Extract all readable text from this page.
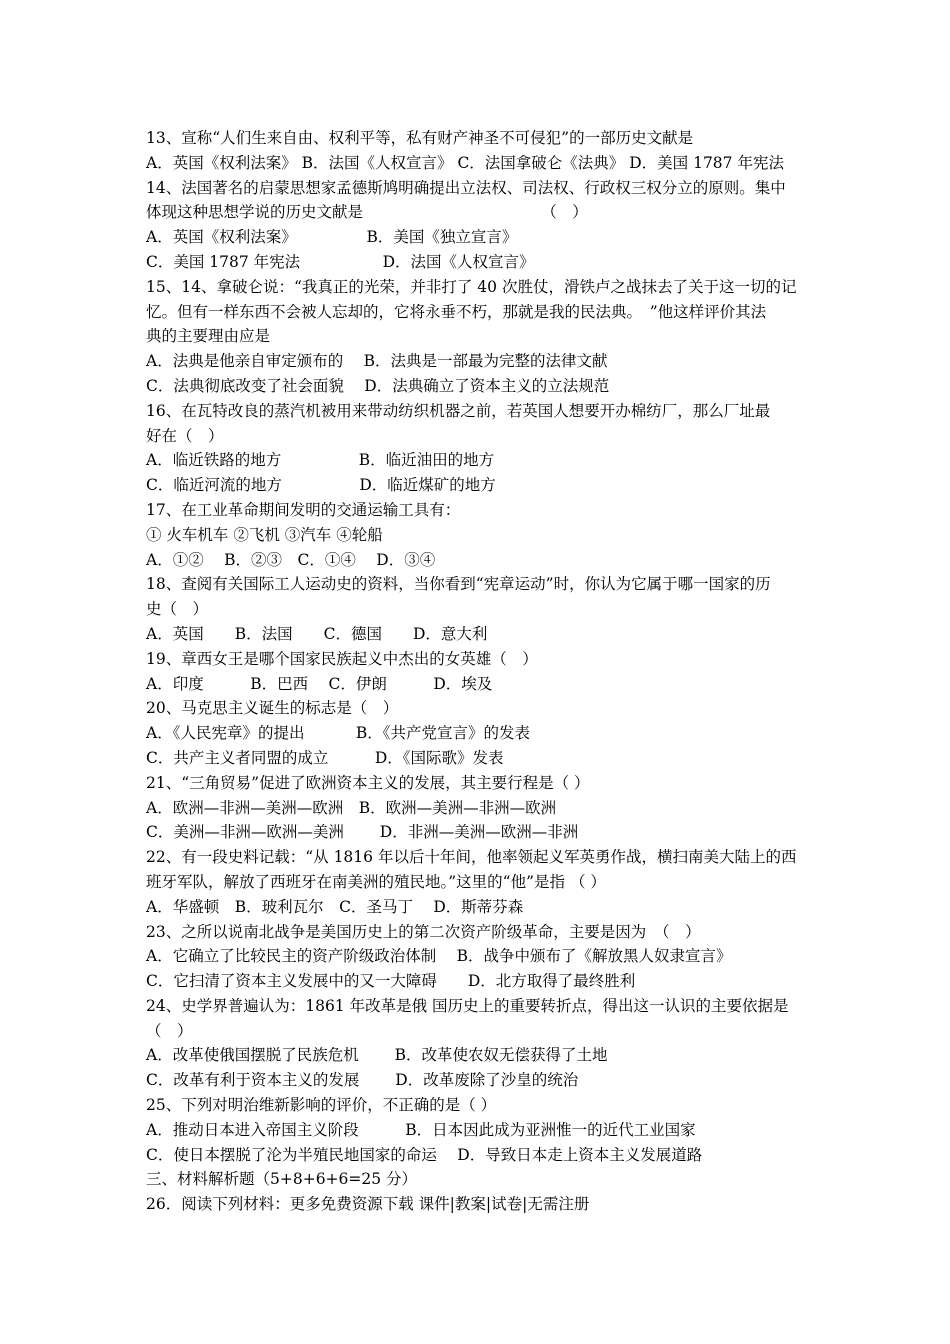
13、宣称“人们生来自由、权利平等，私有财产神圣不可侵犯”的一部历史文献是
A．英国《权利法案》 B．法国《人权宣言》 C．法国拿破仑《法典》 D．美国 1787 年宪法
14、法国著名的启蒙思想家孟德斯鸠明确提出立法权、司法权、行政权三权分立的原则。集中
体现这种思想学说的历史文献是　　　　　　　　　　　　（　）
A．英国《权利法案》　　　　　B．美国《独立宣言》
C．美国 1787 年宪法　　　　　 D．法国《人权宣言》
15、14、拿破仑说：“我真正的光荣，并非打了 40 次胜仗，滑铁卢之战抹去了关于这一切的记
忆。但有一样东西不会被人忘却的，它将永垂不朽，那就是我的民法典。　”他这样评价其法
典的主要理由应是
A．法典是他亲自审定颁布的　 B．法典是一部最为完整的法律文献
C．法典彻底改变了社会面貌　 D．法典确立了资本主义的立法规范
16、在瓦特改良的蒸汽机被用来带动纺织机器之前，若英国人想要开办棉纺厂，那么厂址最
好在（　）
A．临近铁路的地方　　　　　B．临近油田的地方
C．临近河流的地方　　　　　D．临近煤矿的地方
17、在工业革命期间发明的交通运输工具有：
① 火车机车 ②飞机 ③汽车 ④轮船
A．①②　 B．②③　C．①④　 D．③④
18、查阅有关国际工人运动史的资料，当你看到“宪章运动”时，你认为它属于哪一国家的历
史（　）
A．英国　　B．法国　　C．德国　　D．意大利
19、章西女王是哪个国家民族起义中杰出的女英雄（　）
A．印度　　　B．巴西　 C．伊朗　　　D．埃及
20、马克思主义诞生的标志是（　）
A．《人民宪章》的提出　　　 B．《共产党宣言》的发表
C．共产主义者同盟的成立　　　D．《国际歌》发表
21、“三角贸易”促进了欧洲资本主义的发展，其主要行程是（ ）
A．欧洲—非洲—美洲—欧洲　B．欧洲—美洲—非洲—欧洲
C．美洲—非洲—欧洲—美洲　　 D．非洲—美洲—欧洲—非洲
22、有一段史料记载：“从 1816 年以后十年间，他率领起义军英勇作战，横扫南美大陆上的西
班牙军队，解放了西班牙在南美洲的殖民地。”这里的“他”是指 （ ）
A．华盛顿　B．玻利瓦尔　C．圣马丁　 D．斯蒂芬森
23、之所以说南北战争是美国历史上的第二次资产阶级革命，主要是因为　（　）
A．它确立了比较民主的资产阶级政治体制　 B．战争中颁布了《解放黑人奴隶宣言》
C．它扫清了资本主义发展中的又一大障碍　　D．北方取得了最终胜利
24、史学界普遍认为：1861 年改革是俄 国历史上的重要转折点，得出这一认识的主要依据是
（　）
A．改革使俄国摆脱了民族危机　　 B．改革使农奴无偿获得了土地
C．改革有利于资本主义的发展　　 D．改革废除了沙皇的统治
25、下列对明治维新影响的评价，不正确的是（ ）
A．推动日本进入帝国主义阶段　　　B．日本因此成为亚洲惟一的近代工业国家
C．使日本摆脱了沦为半殖民地国家的命运　 D．导致日本走上资本主义发展道路
三、材料解析题（5+8+6+6=25 分）
26．阅读下列材料：更多免费资源下载 课件|教案|试卷|无需注册
